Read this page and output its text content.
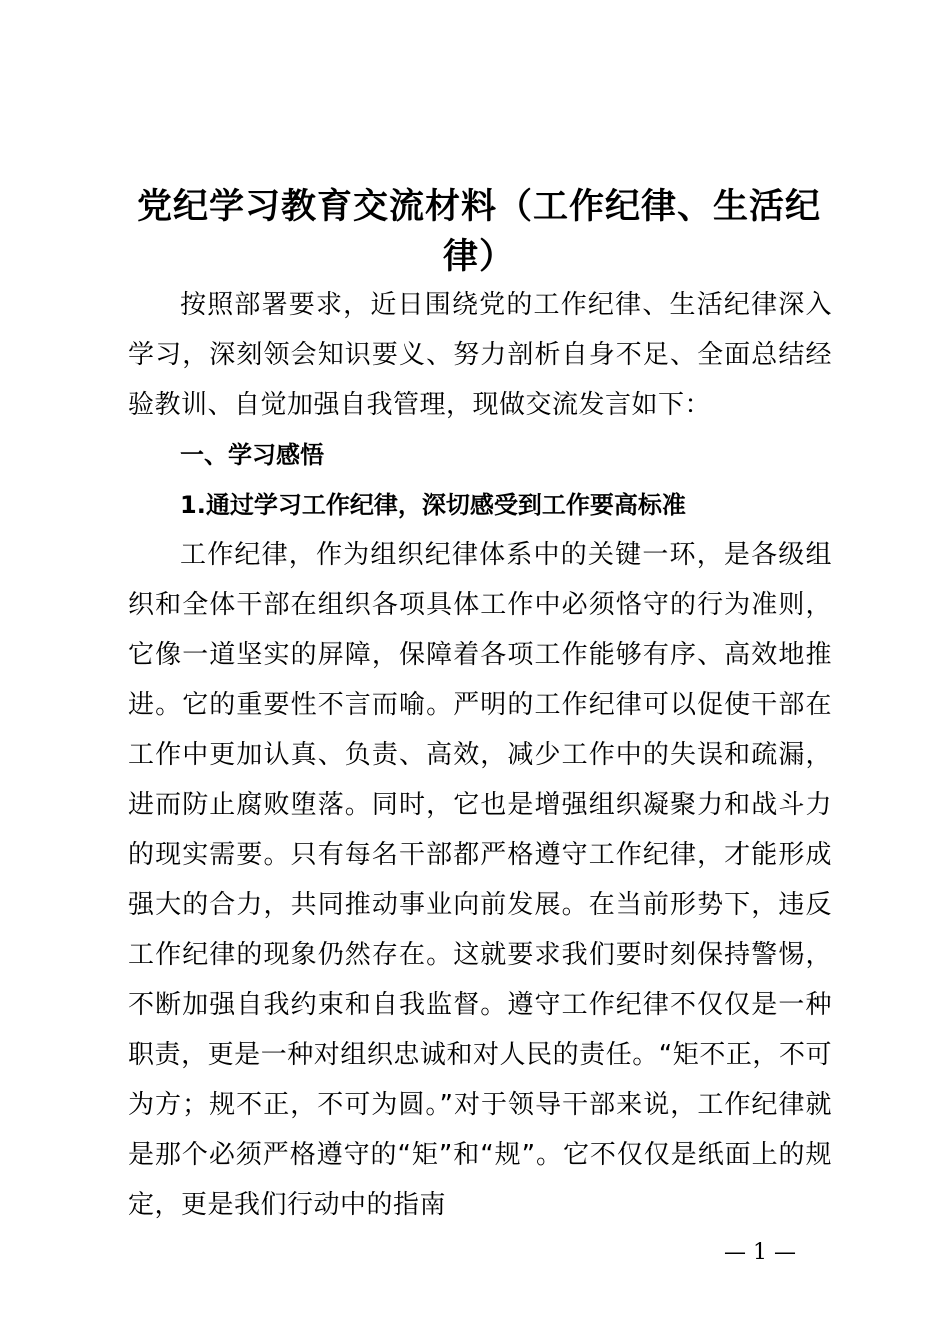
党纪学习教育交流材料（工作纪律、生活纪律）

按照部署要求，近日围绕党的工作纪律、生活纪律深入学习，深刻领会知识要义、努力剖析自身不足、全面总结经验教训、自觉加强自我管理，现做交流发言如下：

一、学习感悟

1.通过学习工作纪律，深切感受到工作要高标准

工作纪律，作为组织纪律体系中的关键一环，是各级组织和全体干部在组织各项具体工作中必须恪守的行为准则，它像一道坚实的屏障，保障着各项工作能够有序、高效地推进。它的重要性不言而喻。严明的工作纪律可以促使干部在工作中更加认真、负责、高效，减少工作中的失误和疏漏，进而防止腐败堕落。同时，它也是增强组织凝聚力和战斗力的现实需要。只有每名干部都严格遵守工作纪律，才能形成强大的合力，共同推动事业向前发展。在当前形势下，违反工作纪律的现象仍然存在。这就要求我们要时刻保持警惕，不断加强自我约束和自我监督。遵守工作纪律不仅仅是一种职责，更是一种对组织忠诚和对人民的责任。“矩不正，不可为方；规不正，不可为圆。”对于领导干部来说，工作纪律就是那个必须严格遵守的“矩”和“规”。它不仅仅是纸面上的规定，更是我们行动中的指南

— 1 —
